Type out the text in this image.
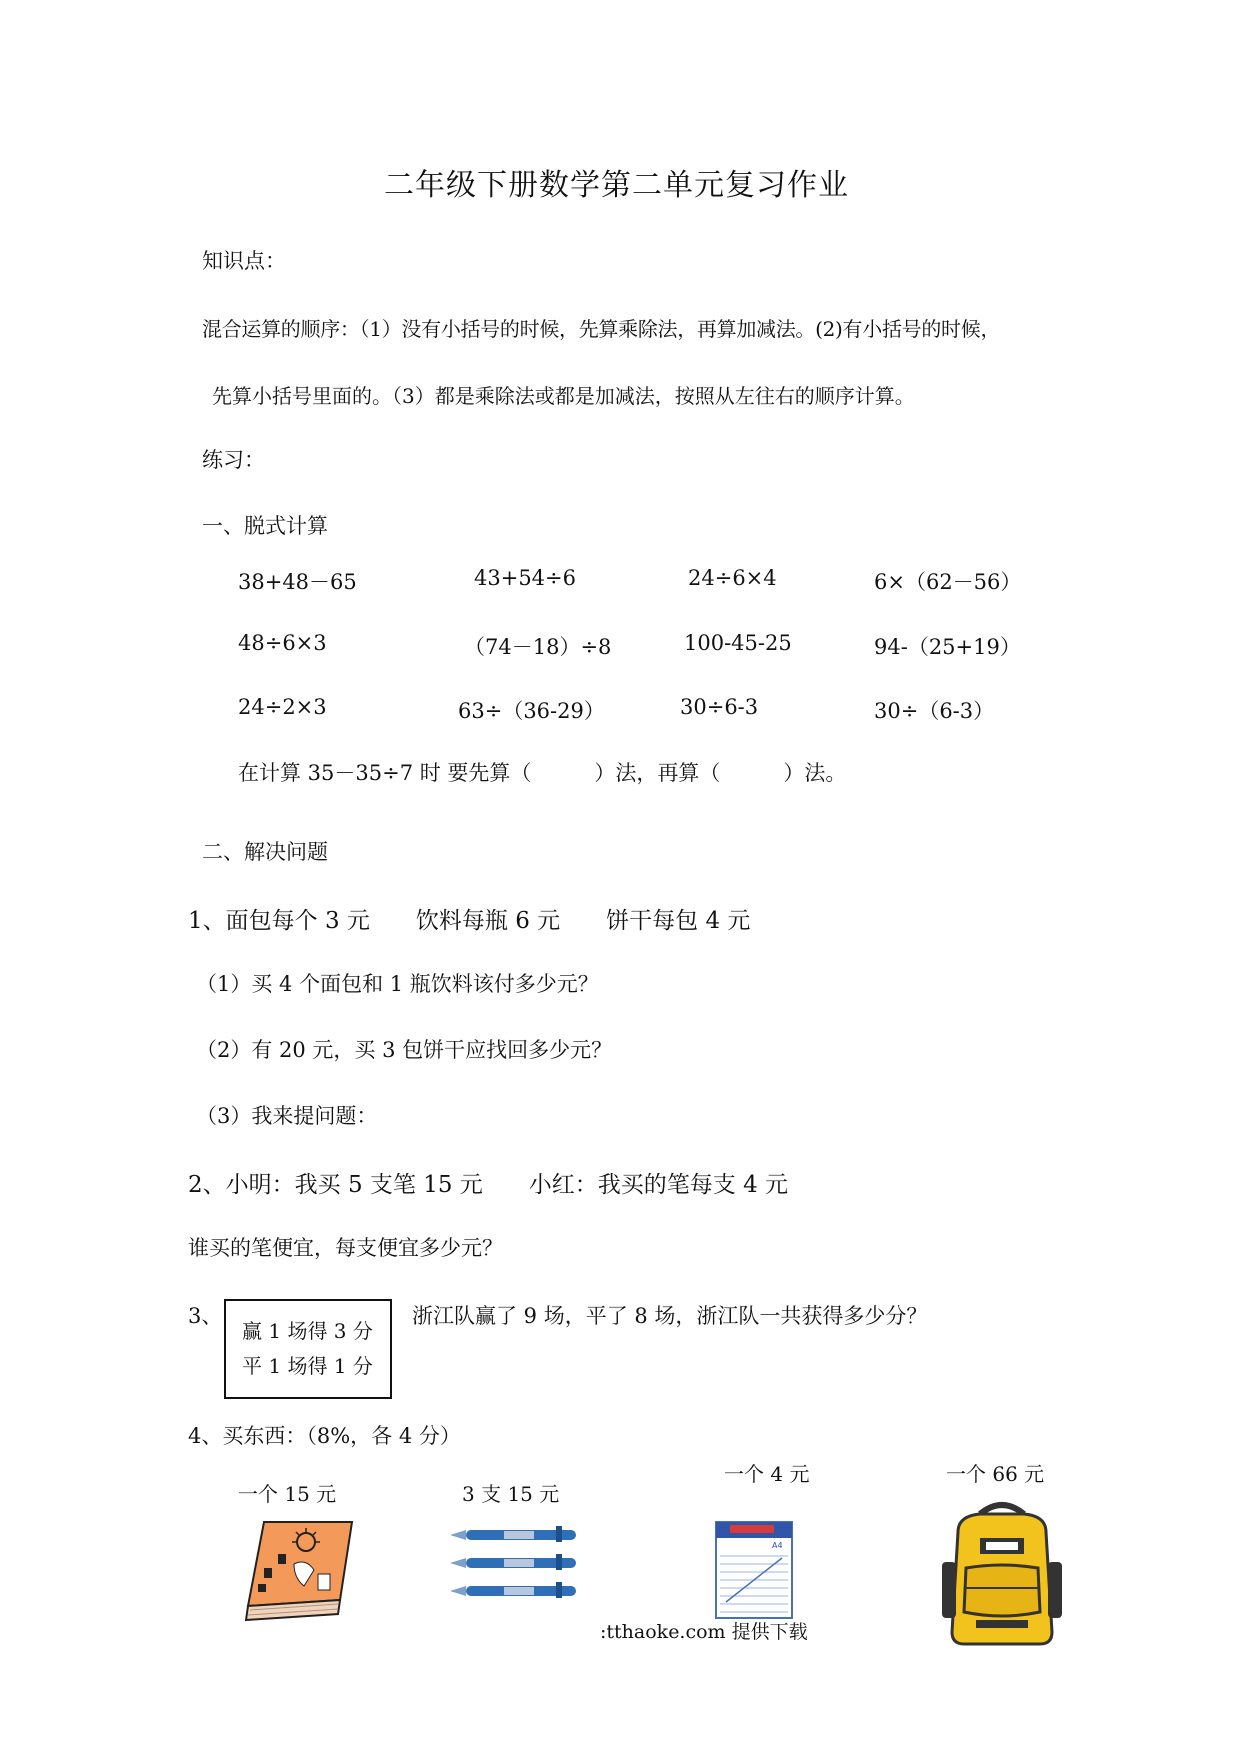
二年级下册数学第二单元复习作业
知识点：
混合运算的顺序：（1）没有小括号的时候，先算乘除法，再算加减法。(2)有小括号的时候，
先算小括号里面的。（3）都是乘除法或都是加减法，按照从左往右的顺序计算。
练习：
一、脱式计算
38+48－65	43+54÷6	24÷6×4	6×（62－56）
48÷6×3	（74－18）÷8	100-45-25	94-（25+19）
24÷2×3	63÷（36-29）	30÷6-3	30÷（6-3）
在计算 35－35÷7 时 要先算（　　　）法，再算（　　　）法。
二、解决问题
1、面包每个 3 元　　饮料每瓶 6 元　　饼干每包 4 元
（1）买 4 个面包和 1 瓶饮料该付多少元？
（2）有 20 元，买 3 包饼干应找回多少元？
（3）我来提问题：
2、小明：我买 5 支笔 15 元　　小红：我买的笔每支 4 元
谁买的笔便宜，每支便宜多少元？
3、
赢 1 场得 3 分
平 1 场得 1 分
浙江队赢了 9 场，平了 8 场，浙江队一共获得多少分？
4、买东西：（8%，各 4 分）
一个 15 元	3 支 15 元
一个 4 元	一个 66 元
A4
:tthaoke.com 提供下载
